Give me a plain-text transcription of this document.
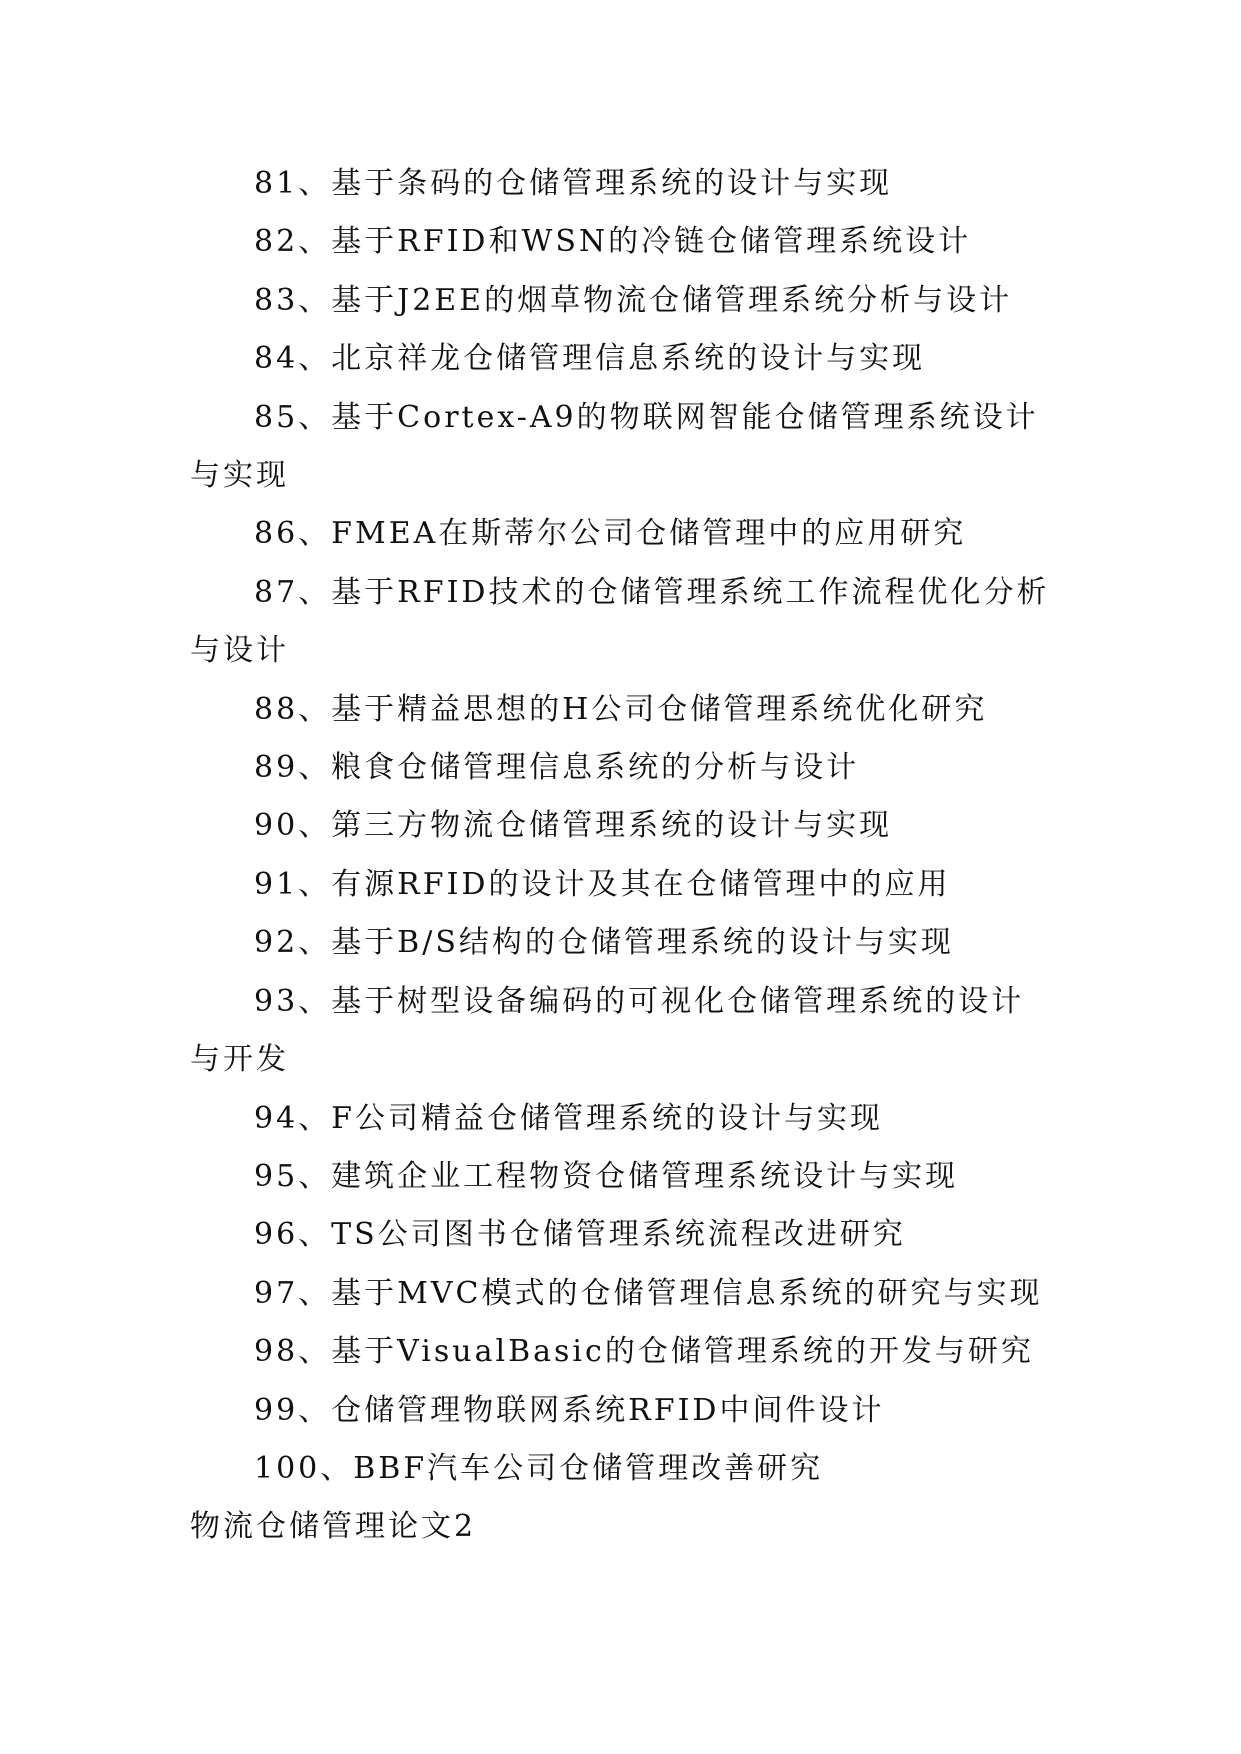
81、基于条码的仓储管理系统的设计与实现

82、基于RFID和WSN的冷链仓储管理系统设计

83、基于J2EE的烟草物流仓储管理系统分析与设计

84、北京祥龙仓储管理信息系统的设计与实现

85、基于Cortex-A9的物联网智能仓储管理系统设计与实现

86、FMEA在斯蒂尔公司仓储管理中的应用研究

87、基于RFID技术的仓储管理系统工作流程优化分析与设计

88、基于精益思想的H公司仓储管理系统优化研究

89、粮食仓储管理信息系统的分析与设计

90、第三方物流仓储管理系统的设计与实现

91、有源RFID的设计及其在仓储管理中的应用

92、基于B/S结构的仓储管理系统的设计与实现

93、基于树型设备编码的可视化仓储管理系统的设计与开发

94、F公司精益仓储管理系统的设计与实现

95、建筑企业工程物资仓储管理系统设计与实现

96、TS公司图书仓储管理系统流程改进研究

97、基于MVC模式的仓储管理信息系统的研究与实现

98、基于VisualBasic的仓储管理系统的开发与研究

99、仓储管理物联网系统RFID中间件设计

100、BBF汽车公司仓储管理改善研究

物流仓储管理论文2
